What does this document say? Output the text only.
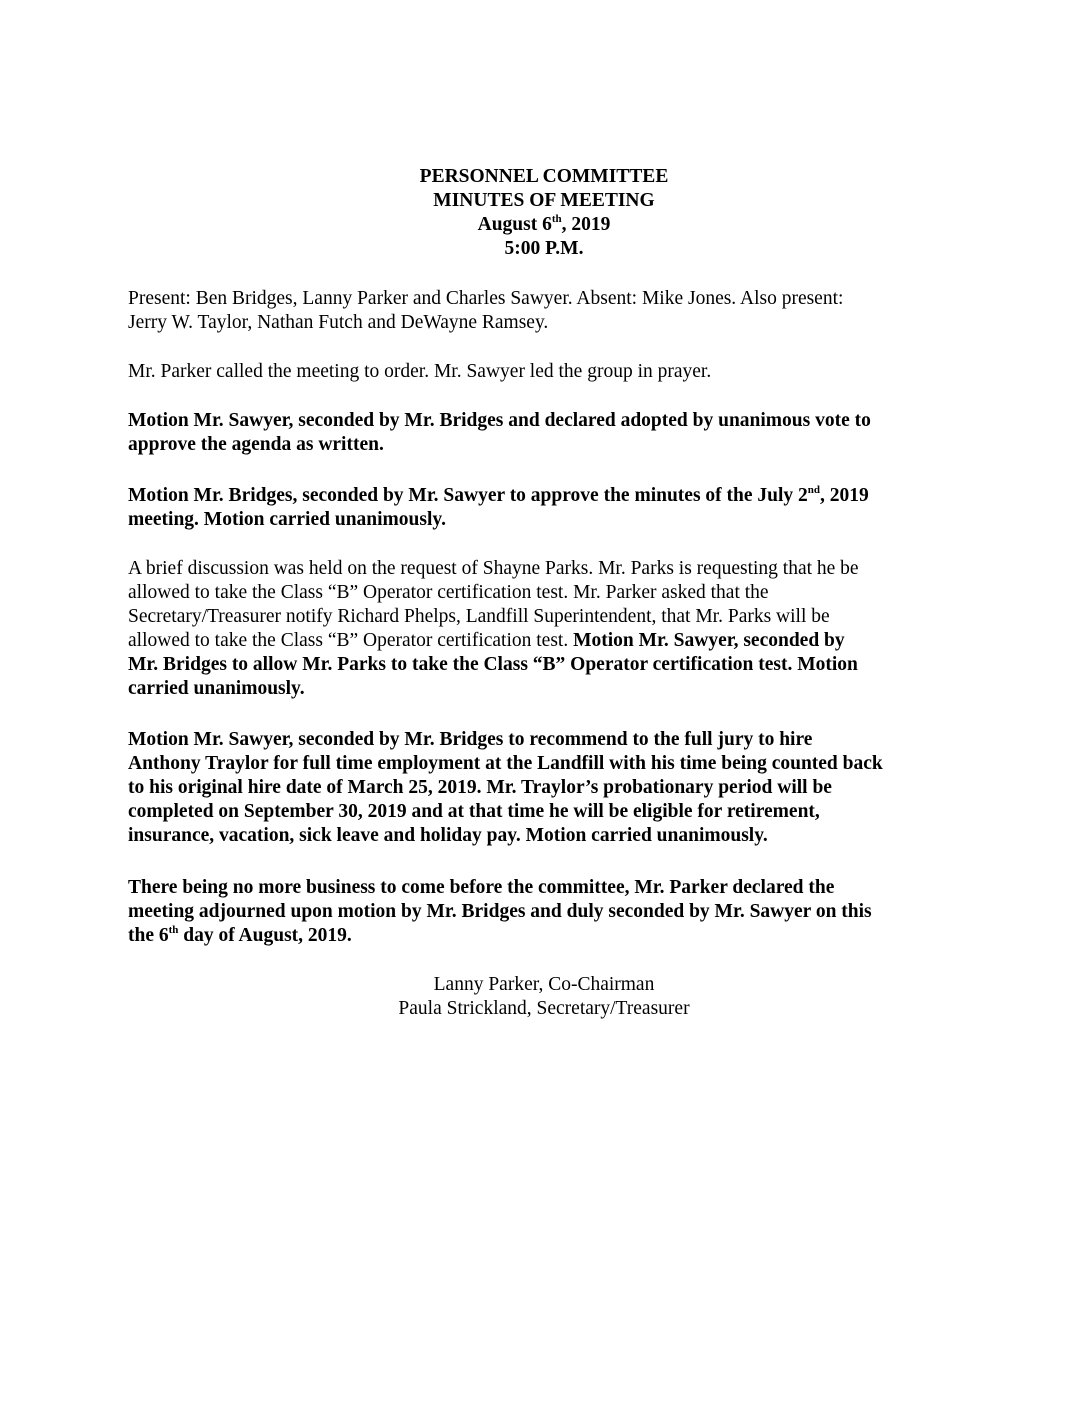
PERSONNEL COMMITTEE
MINUTES OF MEETING
August 6th, 2019
5:00 P.M.

Present: Ben Bridges, Lanny Parker and Charles Sawyer. Absent: Mike Jones. Also present:
Jerry W. Taylor, Nathan Futch and DeWayne Ramsey.

Mr. Parker called the meeting to order. Mr. Sawyer led the group in prayer.

Motion Mr. Sawyer, seconded by Mr. Bridges and declared adopted by unanimous vote to
approve the agenda as written.

Motion Mr. Bridges, seconded by Mr. Sawyer to approve the minutes of the July 2nd, 2019
meeting. Motion carried unanimously.

A brief discussion was held on the request of Shayne Parks. Mr. Parks is requesting that he be
allowed to take the Class “B” Operator certification test. Mr. Parker asked that the
Secretary/Treasurer notify Richard Phelps, Landfill Superintendent, that Mr. Parks will be
allowed to take the Class “B” Operator certification test. Motion Mr. Sawyer, seconded by
Mr. Bridges to allow Mr. Parks to take the Class “B” Operator certification test. Motion
carried unanimously.

Motion Mr. Sawyer, seconded by Mr. Bridges to recommend to the full jury to hire
Anthony Traylor for full time employment at the Landfill with his time being counted back
to his original hire date of March 25, 2019. Mr. Traylor’s probationary period will be
completed on September 30, 2019 and at that time he will be eligible for retirement,
insurance, vacation, sick leave and holiday pay. Motion carried unanimously.

There being no more business to come before the committee, Mr. Parker declared the
meeting adjourned upon motion by Mr. Bridges and duly seconded by Mr. Sawyer on this
the 6th day of August, 2019.

Lanny Parker, Co-Chairman
Paula Strickland, Secretary/Treasurer
